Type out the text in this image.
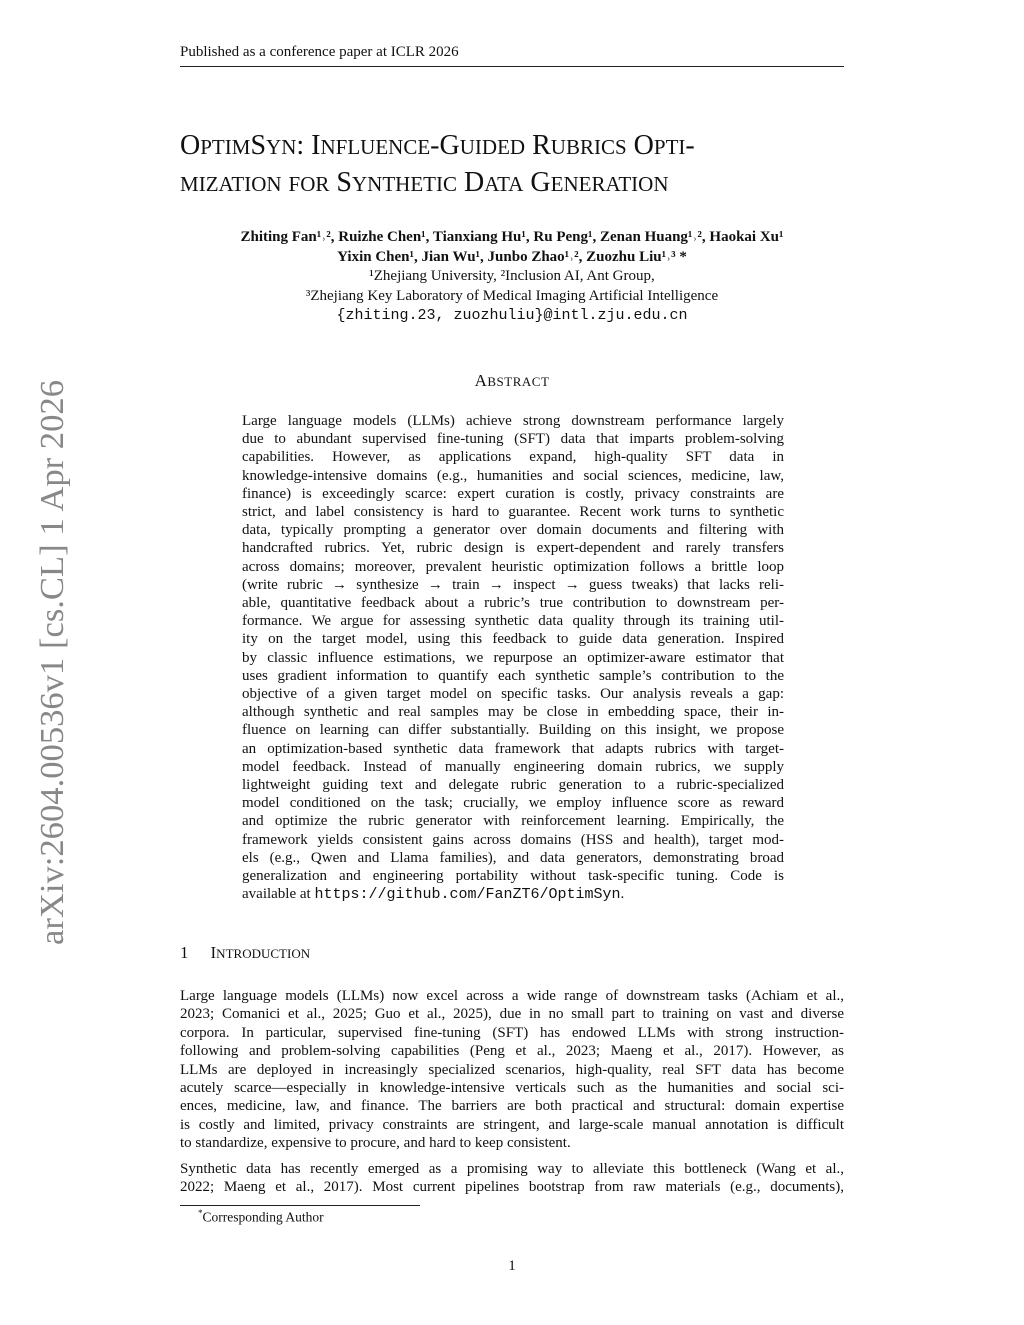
Published as a conference paper at ICLR 2026
arXiv:2604.00536v1 [cs.CL] 1 Apr 2026
OPTIMSYN: INFLUENCE-GUIDED RUBRICS OPTI-
MIZATION FOR SYNTHETIC DATA GENERATION
Zhiting Fan¹˒², Ruizhe Chen¹, Tianxiang Hu¹, Ru Peng¹, Zenan Huang¹˒², Haokai Xu¹
Yixin Chen¹, Jian Wu¹, Junbo Zhao¹˒², Zuozhu Liu¹˒³ *
¹Zhejiang University, ²Inclusion AI, Ant Group,
³Zhejiang Key Laboratory of Medical Imaging Artificial Intelligence
{zhiting.23, zuozhuliu}@intl.zju.edu.cn
ABSTRACT
Large language models (LLMs) achieve strong downstream performance largely
due to abundant supervised fine-tuning (SFT) data that imparts problem-solving
capabilities. However, as applications expand, high-quality SFT data in
knowledge-intensive domains (e.g., humanities and social sciences, medicine, law,
finance) is exceedingly scarce: expert curation is costly, privacy constraints are
strict, and label consistency is hard to guarantee. Recent work turns to synthetic
data, typically prompting a generator over domain documents and filtering with
handcrafted rubrics. Yet, rubric design is expert-dependent and rarely transfers
across domains; moreover, prevalent heuristic optimization follows a brittle loop
(write rubric → synthesize → train → inspect → guess tweaks) that lacks reli-
able, quantitative feedback about a rubric’s true contribution to downstream per-
formance. We argue for assessing synthetic data quality through its training util-
ity on the target model, using this feedback to guide data generation. Inspired
by classic influence estimations, we repurpose an optimizer-aware estimator that
uses gradient information to quantify each synthetic sample’s contribution to the
objective of a given target model on specific tasks. Our analysis reveals a gap:
although synthetic and real samples may be close in embedding space, their in-
fluence on learning can differ substantially. Building on this insight, we propose
an optimization-based synthetic data framework that adapts rubrics with target-
model feedback. Instead of manually engineering domain rubrics, we supply
lightweight guiding text and delegate rubric generation to a rubric-specialized
model conditioned on the task; crucially, we employ influence score as reward
and optimize the rubric generator with reinforcement learning. Empirically, the
framework yields consistent gains across domains (HSS and health), target mod-
els (e.g., Qwen and Llama families), and data generators, demonstrating broad
generalization and engineering portability without task-specific tuning. Code is
available at https://github.com/FanZT6/OptimSyn.
1 INTRODUCTION
Large language models (LLMs) now excel across a wide range of downstream tasks (Achiam et al.,
2023; Comanici et al., 2025; Guo et al., 2025), due in no small part to training on vast and diverse
corpora. In particular, supervised fine-tuning (SFT) has endowed LLMs with strong instruction-
following and problem-solving capabilities (Peng et al., 2023; Maeng et al., 2017). However, as
LLMs are deployed in increasingly specialized scenarios, high-quality, real SFT data has become
acutely scarce—especially in knowledge-intensive verticals such as the humanities and social sci-
ences, medicine, law, and finance. The barriers are both practical and structural: domain expertise
is costly and limited, privacy constraints are stringent, and large-scale manual annotation is difficult
to standardize, expensive to procure, and hard to keep consistent.
Synthetic data has recently emerged as a promising way to alleviate this bottleneck (Wang et al.,
2022; Maeng et al., 2017). Most current pipelines bootstrap from raw materials (e.g., documents),
*Corresponding Author
1
